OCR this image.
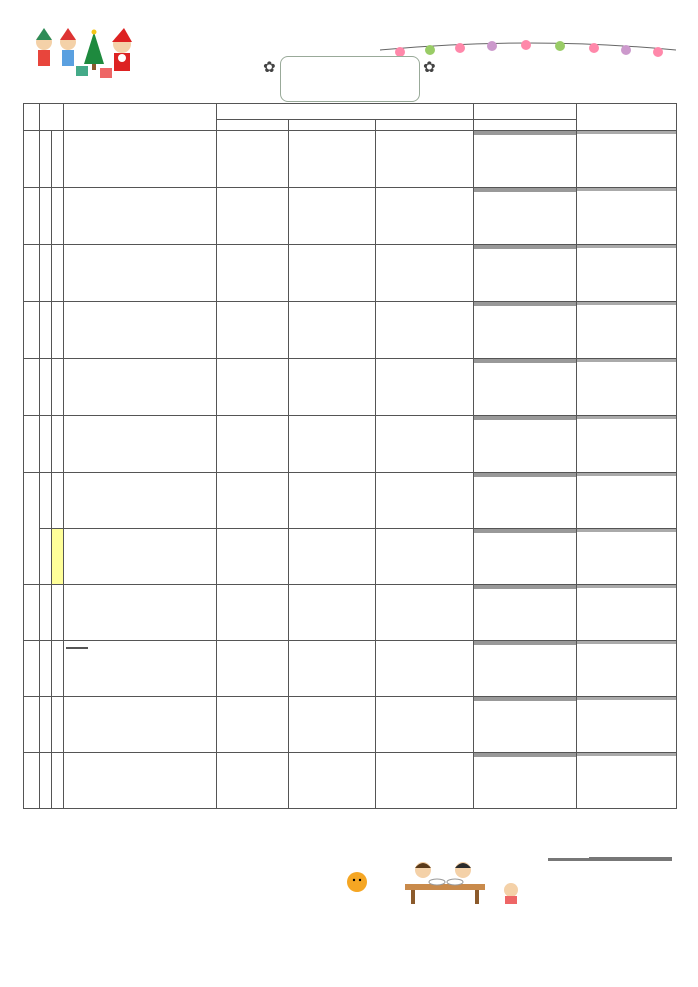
✿	✿
